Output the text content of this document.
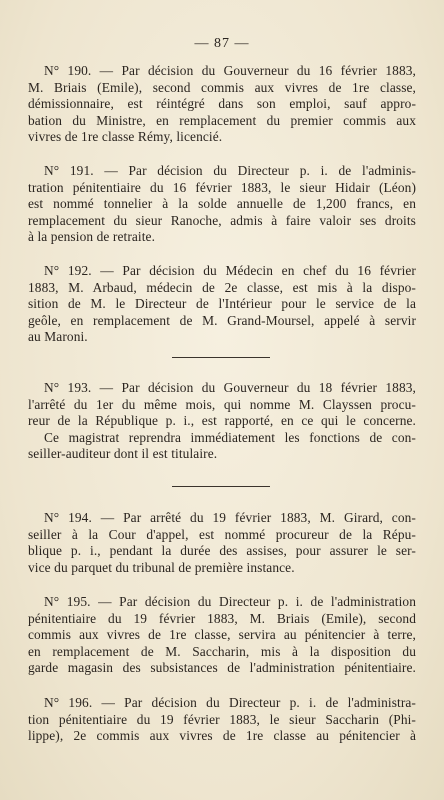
— 87 —
N° 190. — Par décision du Gouverneur du 16 février 1883,
M. Briais (Emile), second commis aux vivres de 1re classe,
démissionnaire, est réintégré dans son emploi, sauf appro-
bation du Ministre, en remplacement du premier commis aux
vivres de 1re classe Rémy, licencié.
N° 191. — Par décision du Directeur p. i. de l'adminis-
tration pénitentiaire du 16 février 1883, le sieur Hidair (Léon)
est nommé tonnelier à la solde annuelle de 1,200 francs, en
remplacement du sieur Ranoche, admis à faire valoir ses droits
à la pension de retraite.
N° 192. — Par décision du Médecin en chef du 16 février
1883, M. Arbaud, médecin de 2e classe, est mis à la dispo-
sition de M. le Directeur de l'Intérieur pour le service de la
geôle, en remplacement de M. Grand-Moursel, appelé à servir
au Maroni.
N° 193. — Par décision du Gouverneur du 18 février 1883,
l'arrêté du 1er du même mois, qui nomme M. Clayssen procu-
reur de la République p. i., est rapporté, en ce qui le concerne.
Ce magistrat reprendra immédiatement les fonctions de con-
seiller-auditeur dont il est titulaire.
N° 194. — Par arrêté du 19 février 1883, M. Girard, con-
seiller à la Cour d'appel, est nommé procureur de la Répu-
blique p. i., pendant la durée des assises, pour assurer le ser-
vice du parquet du tribunal de première instance.
N° 195. — Par décision du Directeur p. i. de l'administration
pénitentiaire du 19 février 1883, M. Briais (Emile), second
commis aux vivres de 1re classe, servira au pénitencier à terre,
en remplacement de M. Saccharin, mis à la disposition du
garde magasin des subsistances de l'administration pénitentiaire.
N° 196. — Par décision du Directeur p. i. de l'administra-
tion pénitentiaire du 19 février 1883, le sieur Saccharin (Phi-
lippe), 2e commis aux vivres de 1re classe au pénitencier à
